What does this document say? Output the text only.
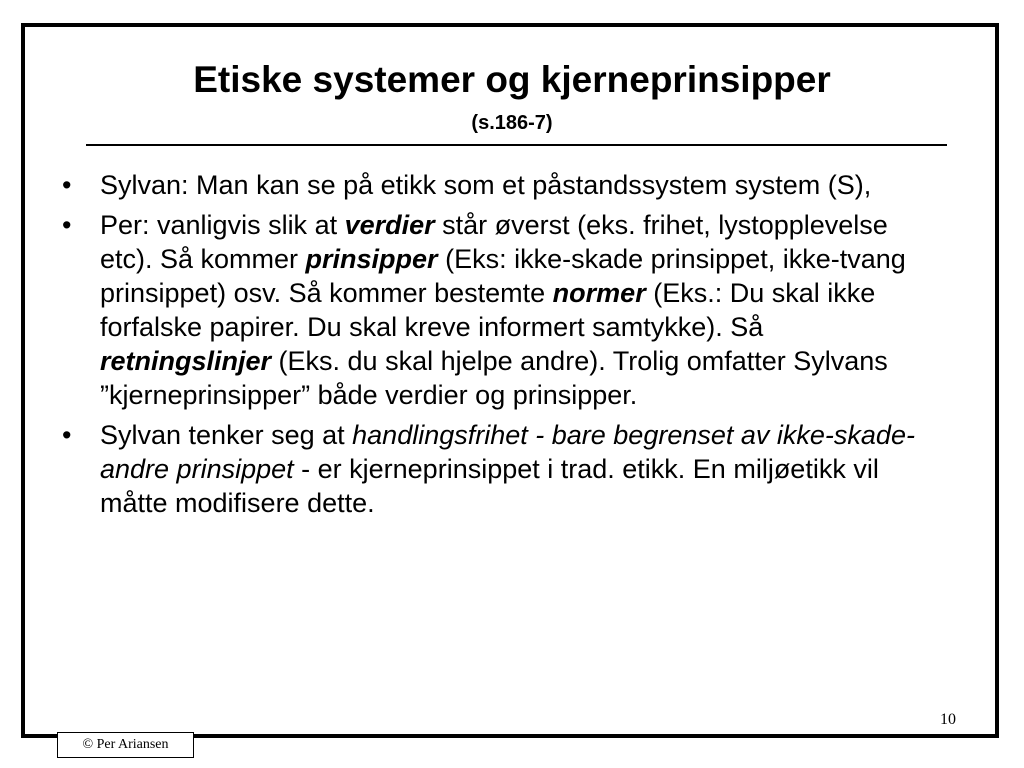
Etiske systemer og kjerneprinsipper
(s.186-7)
• Sylvan: Man kan se på etikk som et påstandssystem system (S),
• Per: vanligvis slik at verdier står øverst (eks. frihet, lystopplevelse etc). Så kommer prinsipper (Eks: ikke-skade prinsippet, ikke-tvang prinsippet) osv. Så kommer bestemte normer (Eks.: Du skal ikke forfalske papirer. Du skal kreve informert samtykke). Så retningslinjer (Eks. du skal hjelpe andre). Trolig omfatter Sylvans ”kjerneprinsipper” både verdier og prinsipper.
• Sylvan tenker seg at handlingsfrihet - bare begrenset av ikke-skade-andre prinsippet - er kjerneprinsippet i trad. etikk. En miljøetikk vil måtte modifisere dette.
10
© Per Ariansen
